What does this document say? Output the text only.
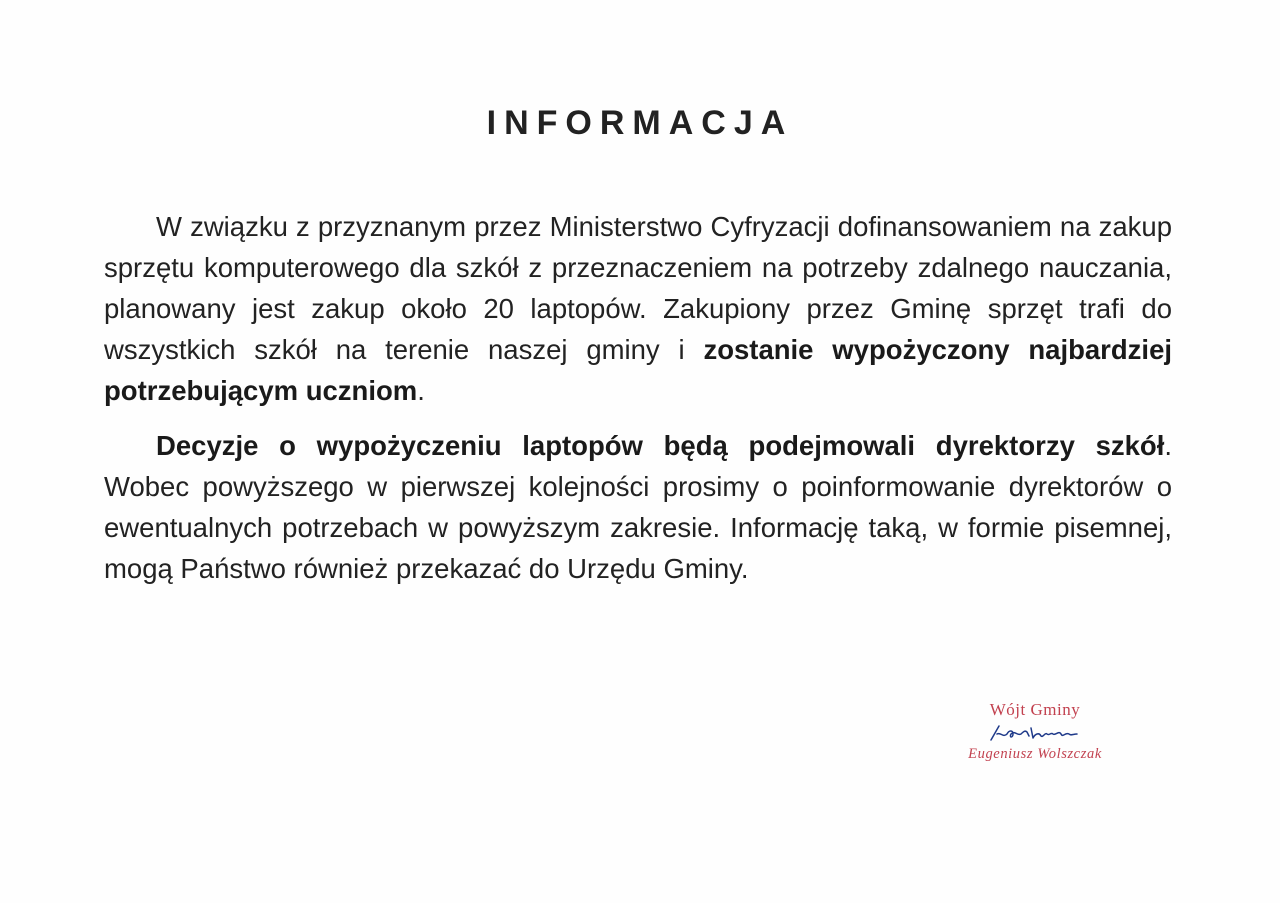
INFORMACJA

W związku z przyznanym przez Ministerstwo Cyfryzacji dofinansowaniem na zakup sprzętu komputerowego dla szkół z przeznaczeniem na potrzeby zdalnego nauczania, planowany jest zakup około 20 laptopów. Zakupiony przez Gminę sprzęt trafi do wszystkich szkół na terenie naszej gminy i zostanie wypożyczony najbardziej potrzebującym uczniom.

Decyzje o wypożyczeniu laptopów będą podejmowali dyrektorzy szkół. Wobec powyższego w pierwszej kolejności prosimy o poinformowanie dyrektorów o ewentualnych potrzebach w powyższym zakresie. Informację taką, w formie pisemnej, mogą Państwo również przekazać do Urzędu Gminy.

Wójt Gminy
Eugeniusz Wolszczak
